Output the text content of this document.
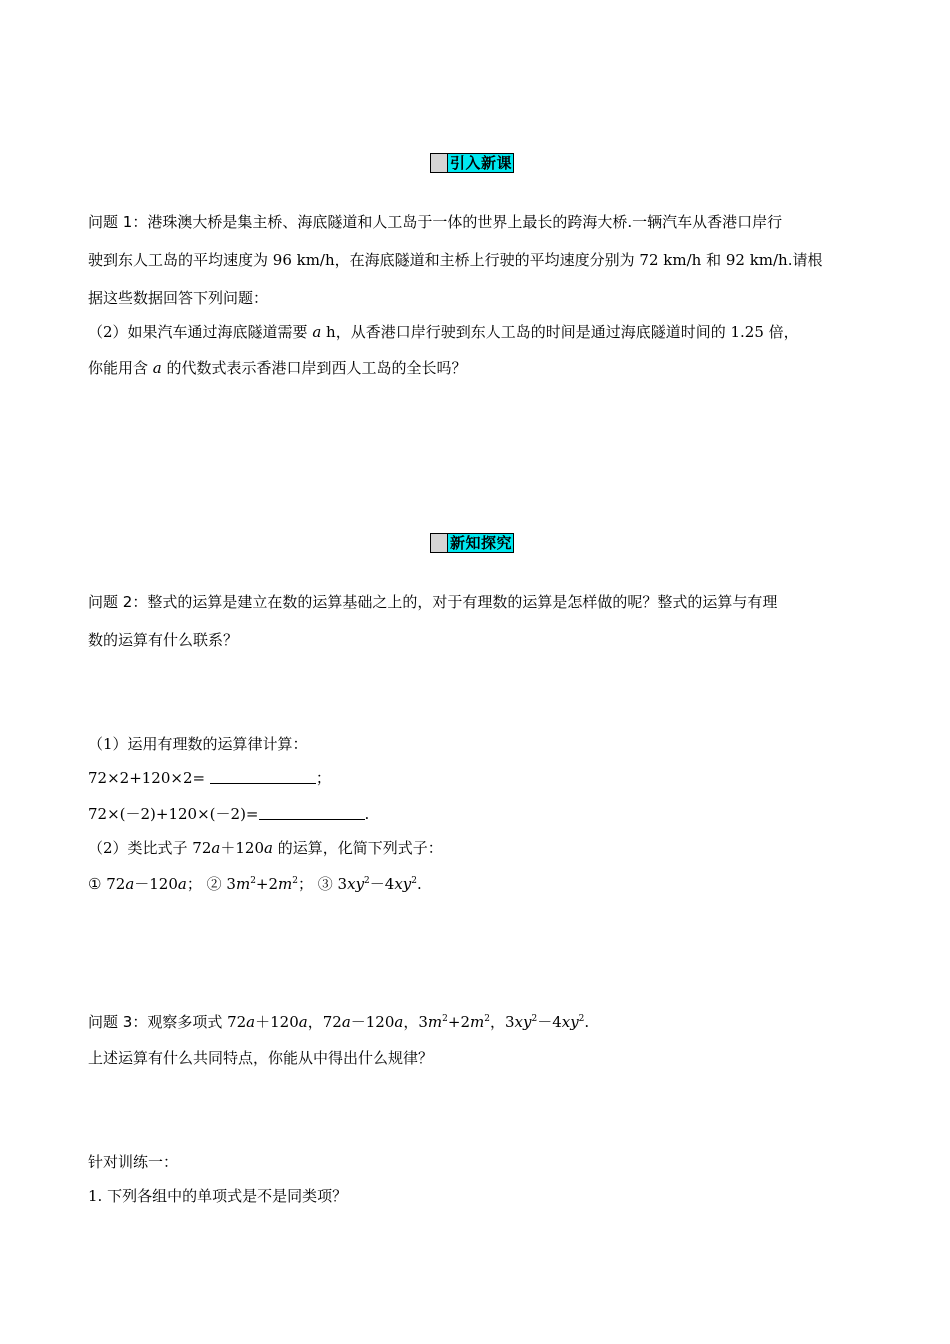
引入新课
问题 1：港珠澳大桥是集主桥、海底隧道和人工岛于一体的世界上最长的跨海大桥.一辆汽车从香港口岸行
驶到东人工岛的平均速度为 96 km/h，在海底隧道和主桥上行驶的平均速度分别为 72 km/h 和 92 km/h.请根
据这些数据回答下列问题：
（2）如果汽车通过海底隧道需要 a h，从香港口岸行驶到东人工岛的时间是通过海底隧道时间的 1.25 倍，
你能用含 a 的代数式表示香港口岸到西人工岛的全长吗？
新知探究
问题 2：整式的运算是建立在数的运算基础之上的，对于有理数的运算是怎样做的呢？整式的运算与有理
数的运算有什么联系？
（1）运用有理数的运算律计算：
72×2+120×2=	；
72×(－2)+120×(－2)=	.
（2）类比式子 72a＋120a 的运算，化简下列式子：
① 72a－120a； ② $3m^2+2m^2$； ③ $3xy^2-4xy^2$.
问题 3：观察多项式 72a＋120a，72a－120a，$3m^2+2m^2$，$3xy^2-4xy^2$.
上述运算有什么共同特点，你能从中得出什么规律？
针对训练一：
1. 下列各组中的单项式是不是同类项？
